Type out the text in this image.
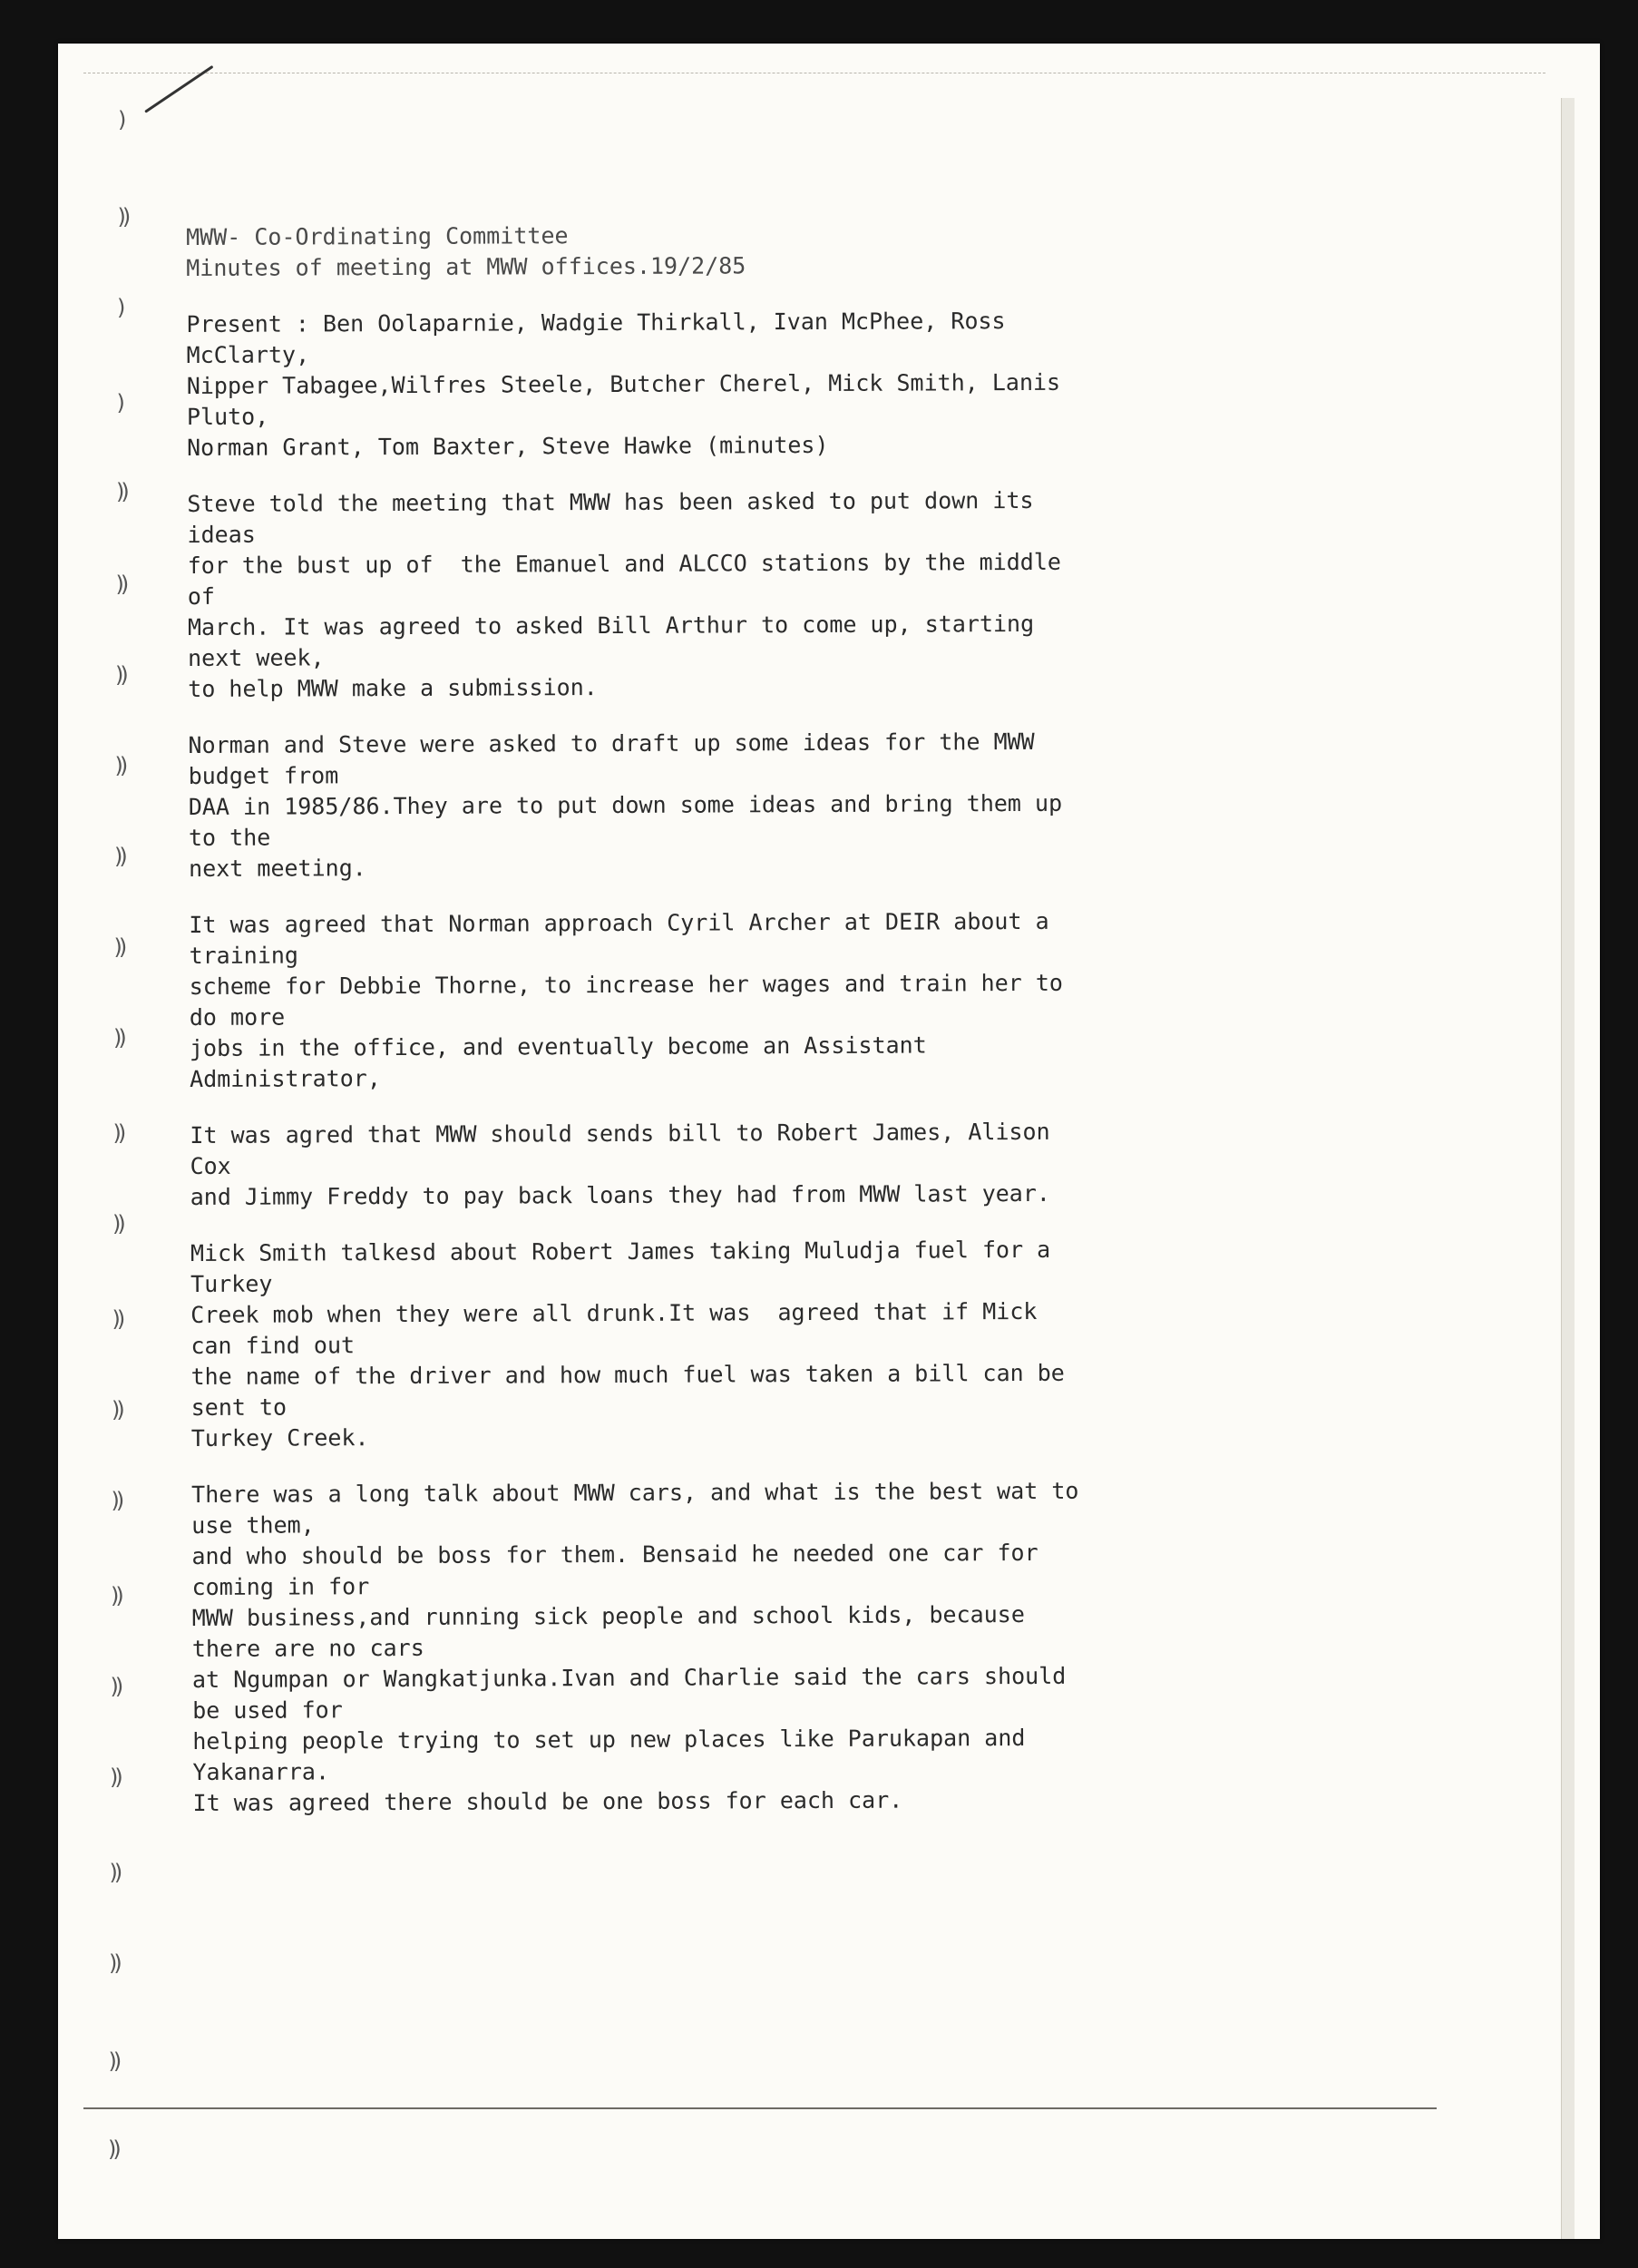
)
))
)
)
))
))
))
))
))
))
))
))
))
))
))
))
))
))
))
))
))
))
))

MWW- Co-Ordinating Committee

Minutes of meeting at MWW offices.19/2/85

Present : Ben Oolaparnie, Wadgie Thirkall, Ivan McPhee, Ross
McClarty,
Nipper Tabagee,Wilfres Steele, Butcher Cherel, Mick Smith, Lanis
Pluto,
Norman Grant, Tom Baxter, Steve Hawke (minutes)

Steve told the meeting that MWW has been asked to put down its
ideas
for the bust up of  the Emanuel and ALCCO stations by the middle
of
March. It was agreed to asked Bill Arthur to come up, starting
next week,
to help MWW make a submission.

Norman and Steve were asked to draft up some ideas for the MWW
budget from
DAA in 1985/86.They are to put down some ideas and bring them up
to the
next meeting.

It was agreed that Norman approach Cyril Archer at DEIR about a
training
scheme for Debbie Thorne, to increase her wages and train her to
do more
jobs in the office, and eventually become an Assistant
Administrator,

It was agred that MWW should sends bill to Robert James, Alison
Cox
and Jimmy Freddy to pay back loans they had from MWW last year.

Mick Smith talkesd about Robert James taking Muludja fuel for a
Turkey
Creek mob when they were all drunk.It was  agreed that if Mick
can find out
the name of the driver and how much fuel was taken a bill can be
sent to
Turkey Creek.

There was a long talk about MWW cars, and what is the best wat to
use them,
and who should be boss for them. Bensaid he needed one car for
coming in for
MWW business,and running sick people and school kids, because
there are no cars
at Ngumpan or Wangkatjunka.Ivan and Charlie said the cars should
be used for
helping people trying to set up new places like Parukapan and
Yakanarra.
It was agreed there should be one boss for each car.
